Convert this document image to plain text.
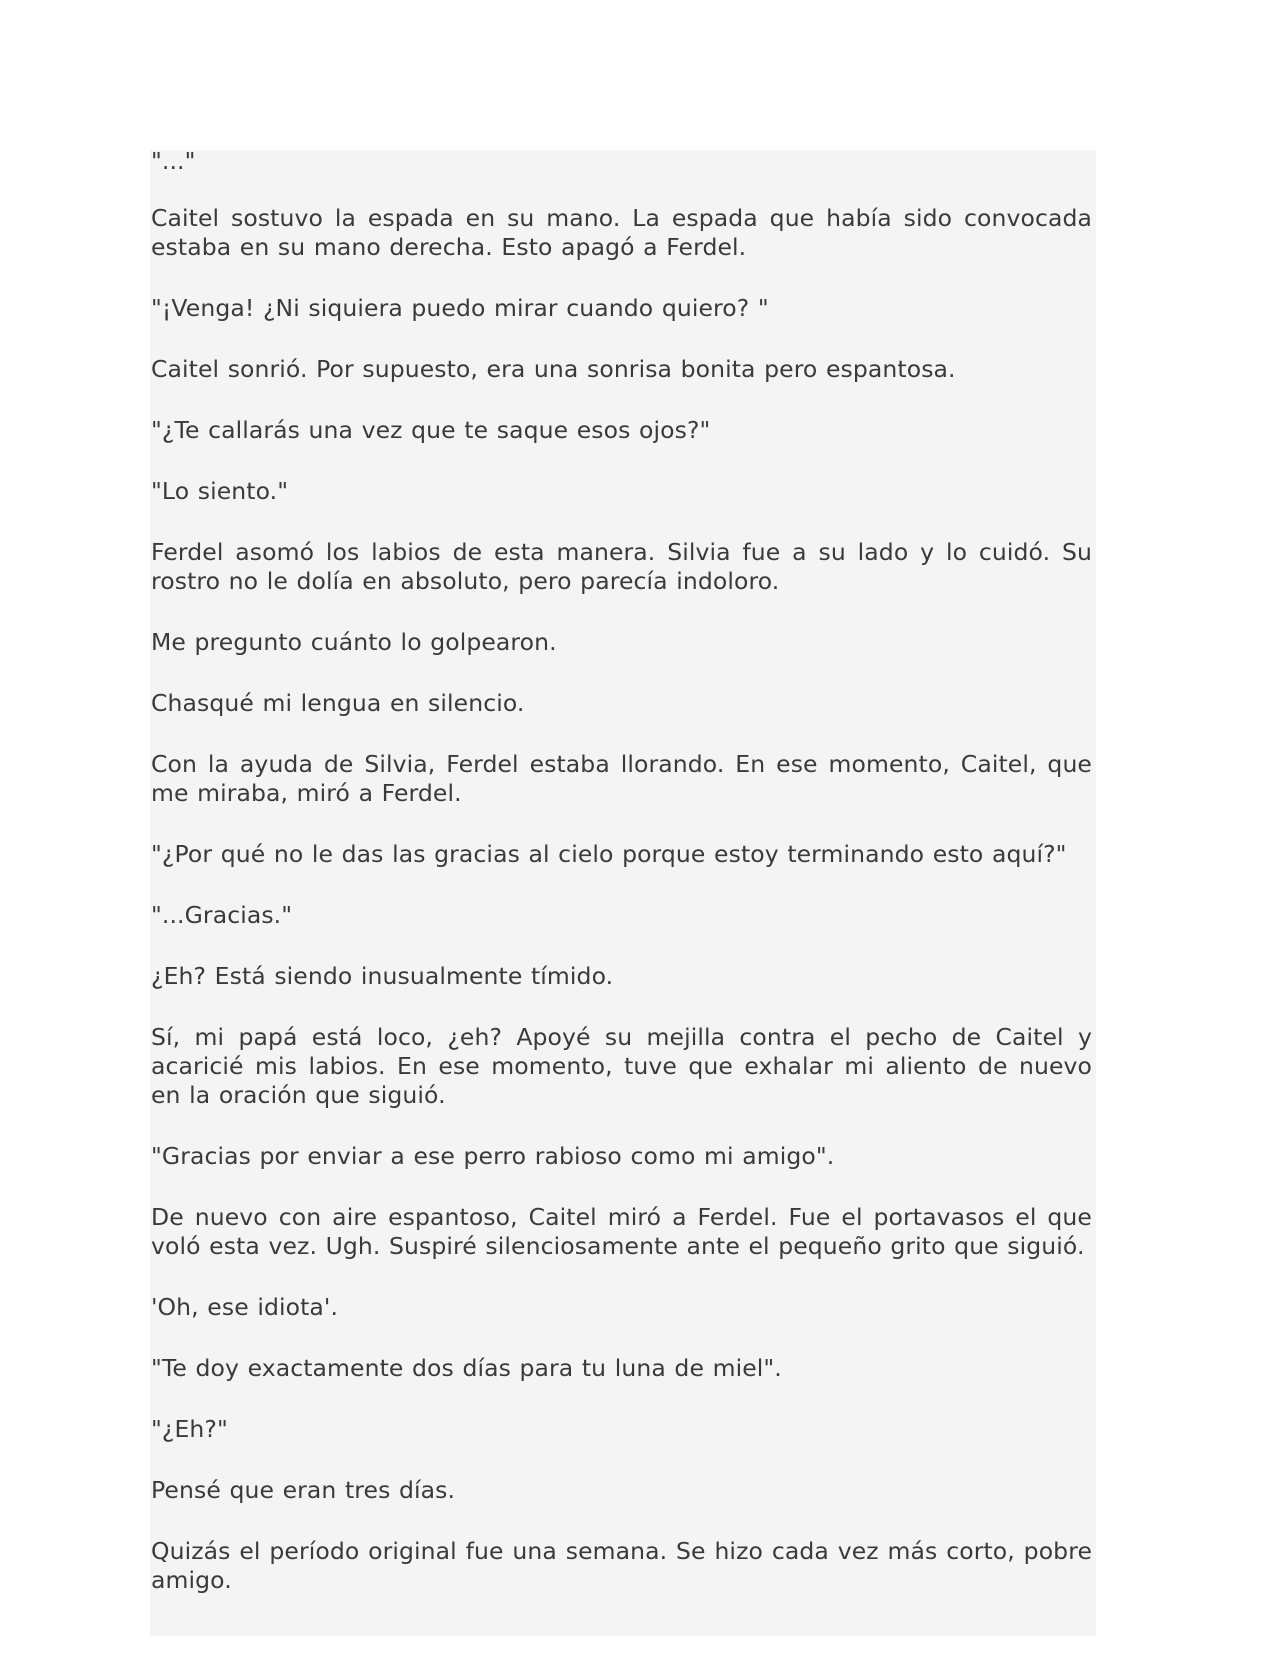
"..."

Caitel sostuvo la espada en su mano. La espada que había sido convocada estaba en su mano derecha. Esto apagó a Ferdel.

"¡Venga! ¿Ni siquiera puedo mirar cuando quiero? "

Caitel sonrió. Por supuesto, era una sonrisa bonita pero espantosa.

"¿Te callarás una vez que te saque esos ojos?"

"Lo siento."

Ferdel asomó los labios de esta manera. Silvia fue a su lado y lo cuidó. Su rostro no le dolía en absoluto, pero parecía indoloro.

Me pregunto cuánto lo golpearon.

Chasqué mi lengua en silencio.

Con la ayuda de Silvia, Ferdel estaba llorando. En ese momento, Caitel, que me miraba, miró a Ferdel.

"¿Por qué no le das las gracias al cielo porque estoy terminando esto aquí?"

"...Gracias."

¿Eh? Está siendo inusualmente tímido.

Sí, mi papá está loco, ¿eh? Apoyé su mejilla contra el pecho de Caitel y acaricié mis labios. En ese momento, tuve que exhalar mi aliento de nuevo en la oración que siguió.

"Gracias por enviar a ese perro rabioso como mi amigo".

De nuevo con aire espantoso, Caitel miró a Ferdel. Fue el portavasos el que voló esta vez. Ugh. Suspiré silenciosamente ante el pequeño grito que siguió.

'Oh, ese idiota'.

"Te doy exactamente dos días para tu luna de miel".

"¿Eh?"

Pensé que eran tres días.

Quizás el período original fue una semana. Se hizo cada vez más corto, pobre amigo.
